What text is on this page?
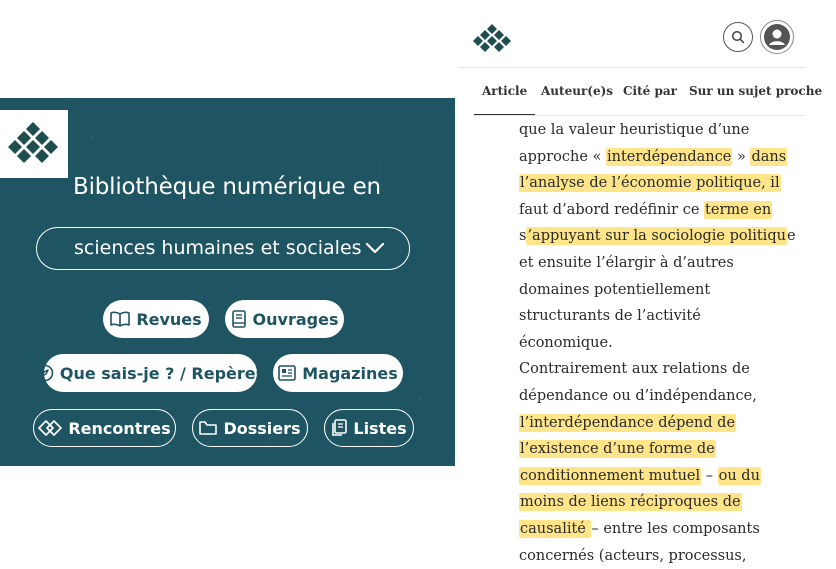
Bibliothèque numérique en
sciences humaines et sociales
Revues	Ouvrages
Que sais-je ? / Repères Magazines
Rencontres	Dossiers	Listes
Article Auteur(e)s Cité par Sur un sujet proche
que la valeur heuristique d’une
approche « interdépendance » dans
l’analyse de l’économie politique, il
faut d’abord redéfinir ce terme en
s’appuyant sur la sociologie politique
et ensuite l’élargir à d’autres
domaines potentiellement
structurants de l’activité
économique.
Contrairement aux relations de
dépendance ou d’indépendance,
l’interdépendance dépend de
l’existence d’une forme de
conditionnement mutuel – ou du
moins de liens réciproques de
causalité – entre les composants
concernés (acteurs, processus,
